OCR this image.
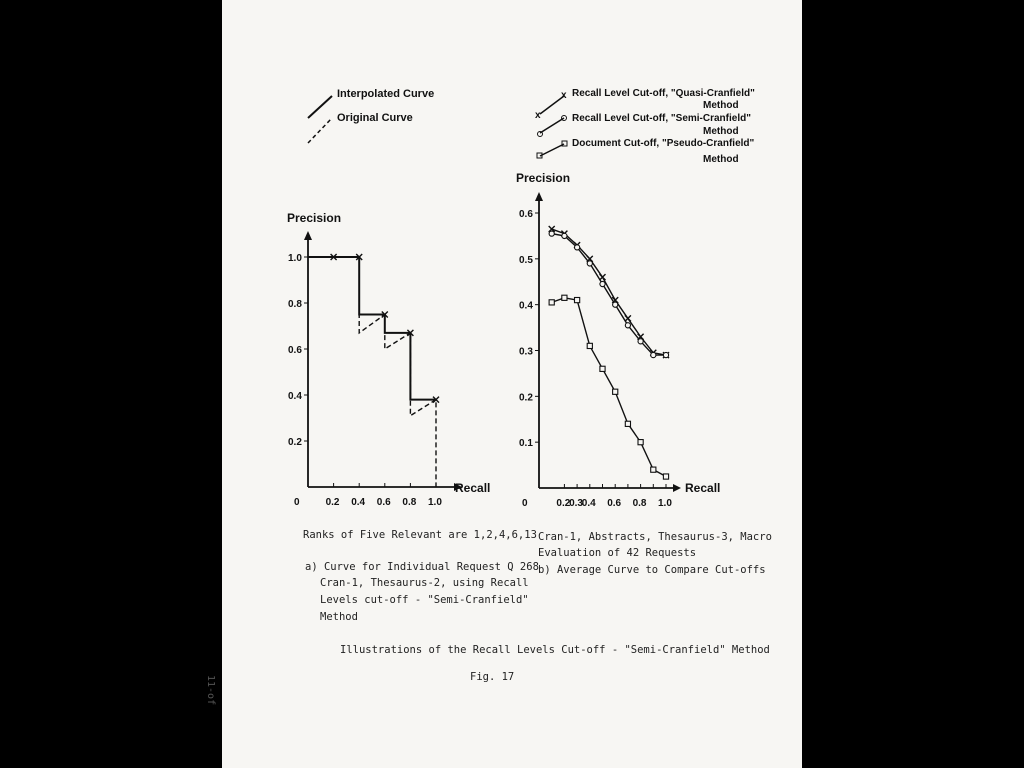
Interpolated Curve
Original Curve	x
x Recall Level Cut-off, "Quasi-Cranfield"
Method
Recall Level Cut-off, "Semi-Cranfield"
Method
Document Cut-off, "Pseudo-Cranfield"
Method
Precision
Recall
0	0.2 0.4 0.6 0.8 1.0
0.2
0.4
0.6
0.8
1.0
Precision
Recall
0	0.2
0.3
0.4 0.6 0.8 1.0
0.1
0.2
0.3
0.4
0.5
0.6
Ranks of Five Relevant are 1,2,4,6,13
a) Curve for Individual Request Q 268
Cran-1, Thesaurus-2, using Recall
Levels cut-off - "Semi-Cranfield"
Method
Cran-1, Abstracts, Thesaurus-3, Macro
Evaluation of 42 Requests
b) Average Curve to Compare Cut-offs
Illustrations of the Recall Levels Cut-off - "Semi-Cranfield" Method
Fig. 17
11-of
